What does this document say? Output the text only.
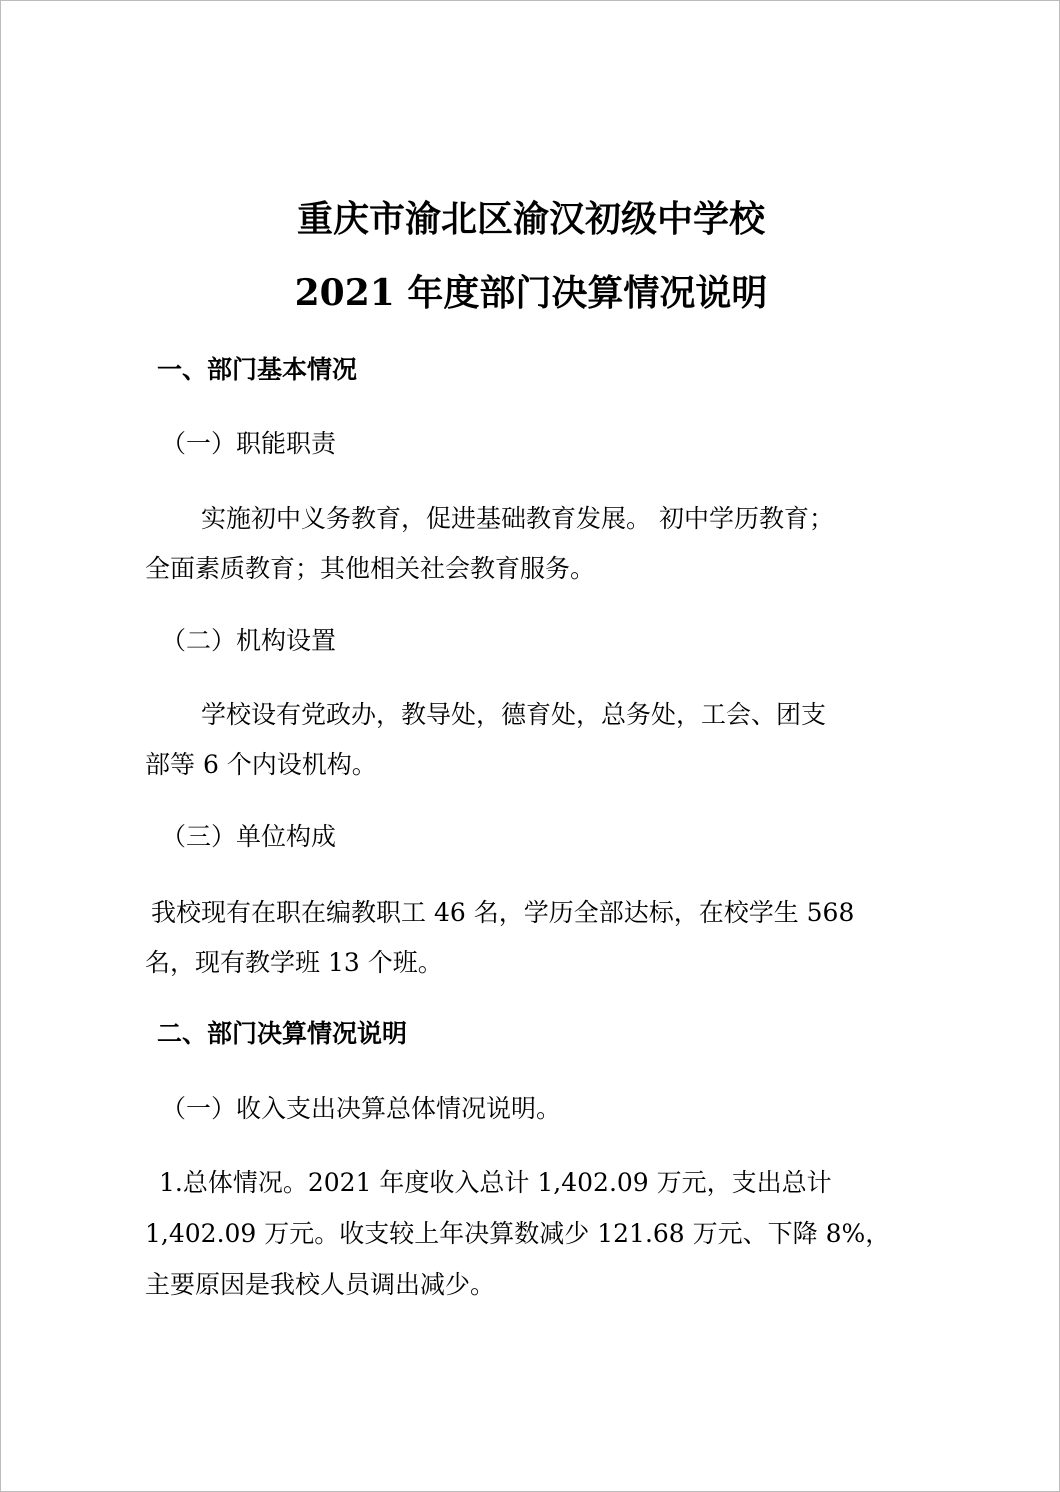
重庆市渝北区渝汉初级中学校
2021 年度部门决算情况说明
一、部门基本情况
（一）职能职责
实施初中义务教育，促进基础教育发展。 初中学历教育；
全面素质教育；其他相关社会教育服务。
（二）机构设置
学校设有党政办，教导处，德育处，总务处，工会、团支
部等 6 个内设机构。
（三）单位构成
我校现有在职在编教职工 46 名，学历全部达标，在校学生 568
名，现有教学班 13 个班。
二、部门决算情况说明
（一）收入支出决算总体情况说明。
1.总体情况。2021 年度收入总计 1,402.09 万元，支出总计
1,402.09 万元。收支较上年决算数减少 121.68 万元、下降 8%，
主要原因是我校人员调出减少。
